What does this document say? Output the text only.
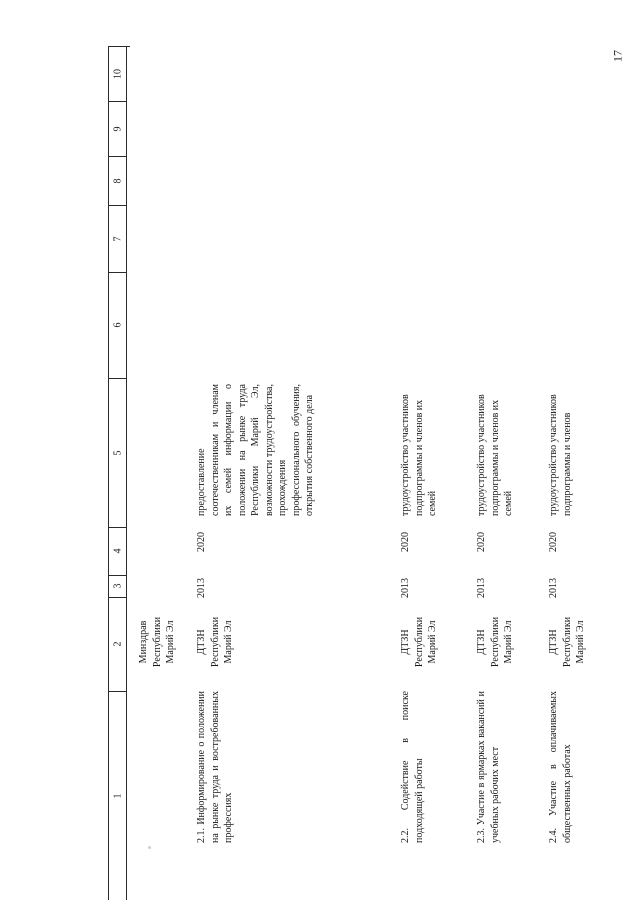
17
1
2
3
4
5
6
7
8
9
10
Минздрав
Республики
Марий Эл
2.1. Информирование о положении на рынке труда и востребованных профессиях
ДТЗН
Республики
Марий Эл
2013
2020
предоставление соотечественникам и членам их семей информации о положении на рынке труда Республики Марий Эл, возможности трудоустройства, прохождения профессионального обучения, открытия собственного дела
2.2. Содействие в поиске подходящей работы
ДТЗН
Республики
Марий Эл
2013
2020
трудоустройство участников подпрограммы и членов их семей
2.3. Участие в ярмарках вакансий и учебных рабочих мест
ДТЗН
Республики
Марий Эл
2013
2020
трудоустройство участников подпрограммы и членов их семей
2.4. Участие в оплачиваемых общественных работах
ДТЗН
Республики
Марий Эл
2013
2020
трудоустройство участников подпрограммы и членов
